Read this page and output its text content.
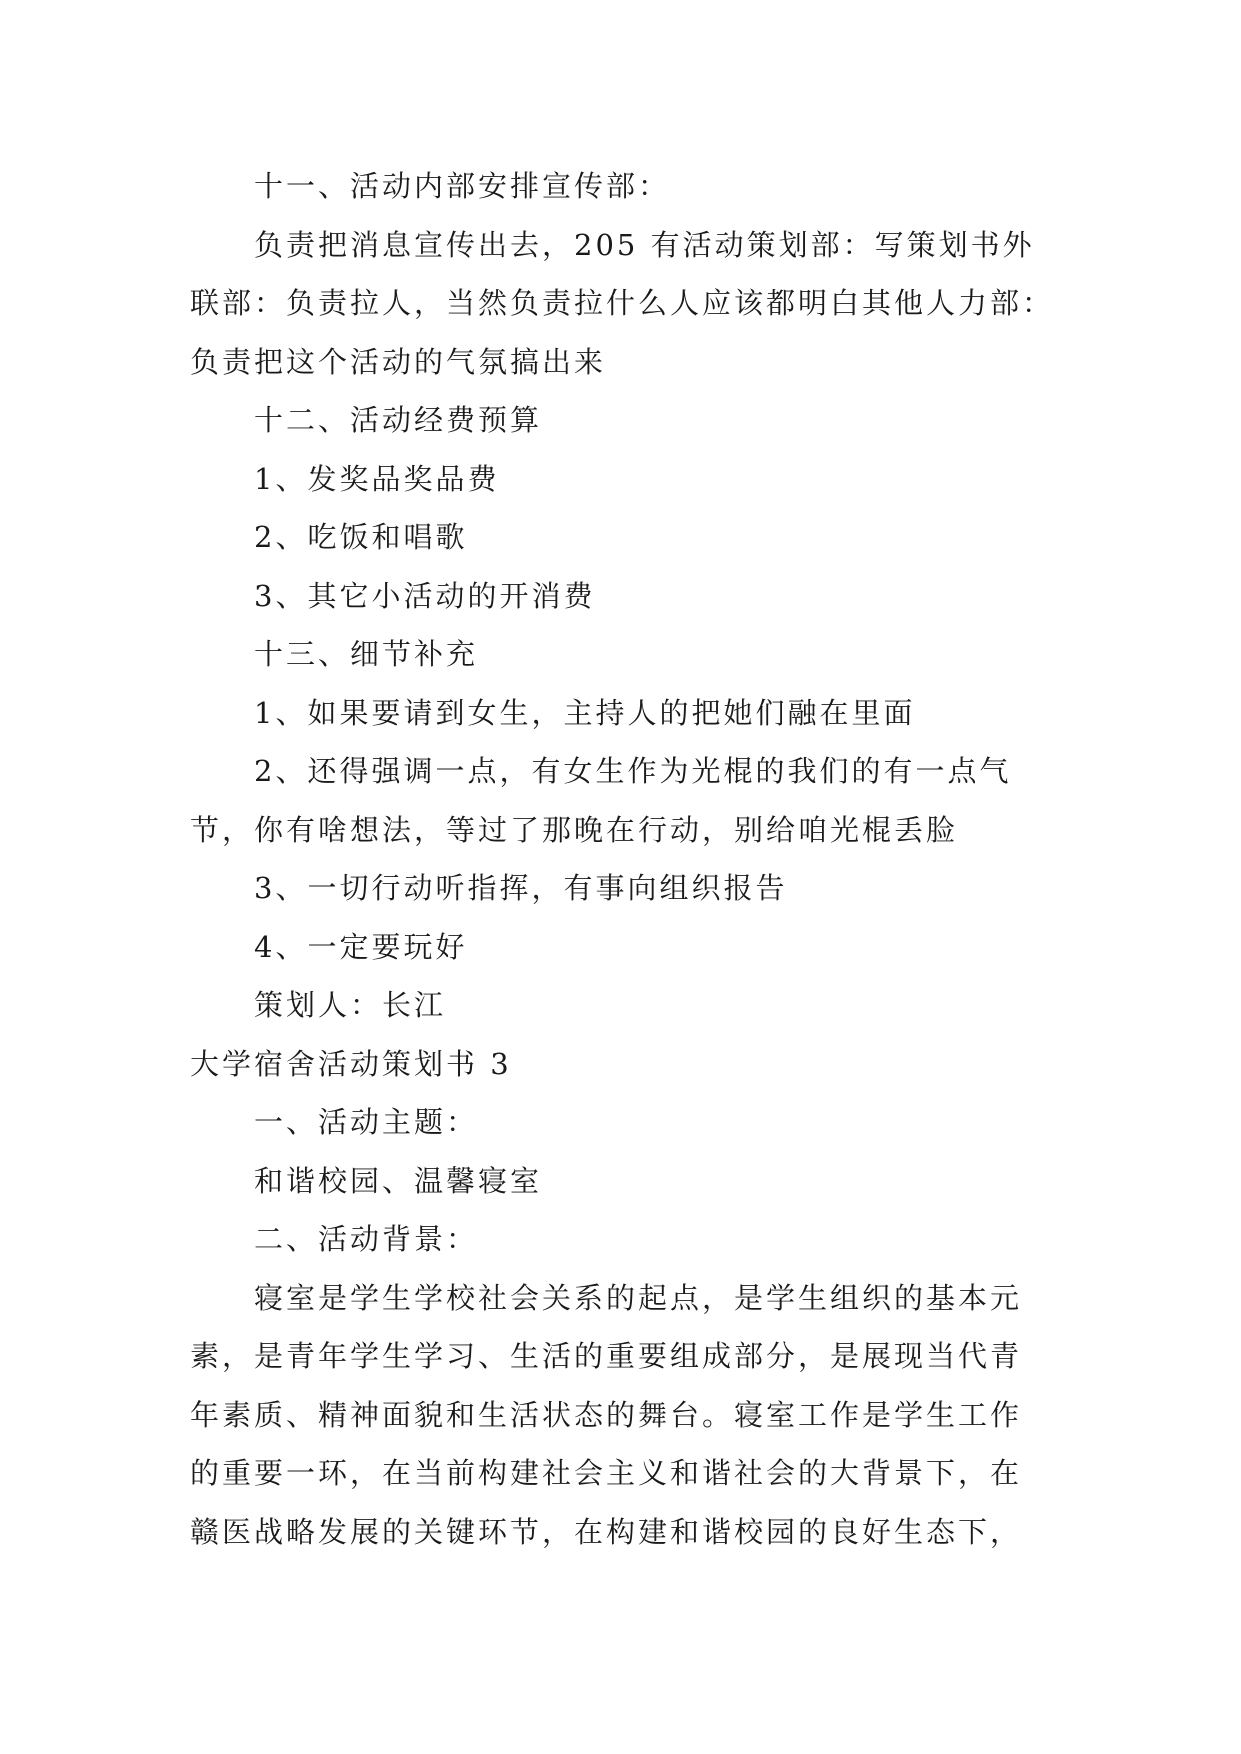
十一、活动内部安排宣传部：

负责把消息宣传出去，205 有活动策划部：写策划书外

联部：负责拉人，当然负责拉什么人应该都明白其他人力部：

负责把这个活动的气氛搞出来

十二、活动经费预算

1、发奖品奖品费

2、吃饭和唱歌

3、其它小活动的开消费

十三、细节补充

1、如果要请到女生，主持人的把她们融在里面

2、还得强调一点，有女生作为光棍的我们的有一点气

节，你有啥想法，等过了那晚在行动，别给咱光棍丢脸

3、一切行动听指挥，有事向组织报告

4、一定要玩好

策划人：长江

大学宿舍活动策划书 3

一、活动主题：

和谐校园、温馨寝室

二、活动背景：

寝室是学生学校社会关系的起点，是学生组织的基本元

素，是青年学生学习、生活的重要组成部分，是展现当代青

年素质、精神面貌和生活状态的舞台。寝室工作是学生工作

的重要一环，在当前构建社会主义和谐社会的大背景下，在

赣医战略发展的关键环节，在构建和谐校园的良好生态下，
